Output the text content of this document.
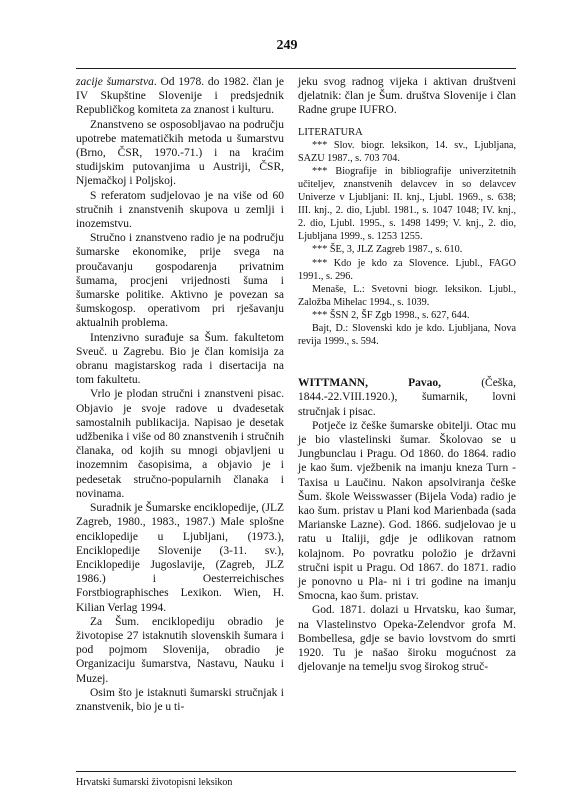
249

zacije šumarstva. Od 1978. do 1982. član je IV Skupštine Slovenije i predsjednik Republičkog komiteta za znanost i kulturu.

Znanstveno se osposobljavao na području upotrebe matematičkih metoda u šumarstvu (Brno, ČSR, 1970.-71.) i na kraćim studijskim putovanjima u Austriji, ČSR, Njemačkoj i Poljskoj.

S referatom sudjelovao je na više od 60 stručnih i znanstvenih skupova u zemlji i inozemstvu.

Stručno i znanstveno radio je na području šumarske ekonomike, prije svega na proučavanju gospodarenja privatnim šumama, procjeni vrijednosti šuma i šumarske politike. Aktivno je povezan sa šumskogosp. operativom pri rješavanju aktualnih problema.

Intenzivno surađuje sa Šum. fakultetom Sveuč. u Zagrebu. Bio je član komisija za obranu magistarskog rada i disertacija na tom fakultetu.

Vrlo je plodan stručni i znanstveni pisac. Objavio je svoje radove u dvadesetak samostalnih publikacija. Napisao je desetak udžbenika i više od 80 znanstvenih i stručnih članaka, od kojih su mnogi objavljeni u inozemnim časopisima, a objavio je i pedesetak stručno-popularnih članaka i novinama.

Suradnik je Šumarske enciklopedije, (JLZ Zagreb, 1980., 1983., 1987.) Male splošne enciklopedije u Ljubljani, (1973.), Enciklopedije Slovenije (3-11. sv.), Enciklopedije Jugoslavije, (Zagreb, JLZ 1986.) i Oesterreichisches Forstbiographisches Lexikon. Wien, H. Kilian Verlag 1994.

Za Šum. enciklopediju obradio je životopise 27 istaknutih slovenskih šumara i pod pojmom Slovenija, obradio je Organizaciju šumarstva, Nastavu, Nauku i Muzej.

Osim što je istaknuti šumarski stručnjak i znanstvenik, bio je u ti-

jeku svog radnog vijeka i aktivan društveni djelatnik: član je Šum. društva Slovenije i član Radne grupe IUFRO.

LITERATURA

*** Slov. biogr. leksikon, 14. sv., Ljubljana, SAZU 1987., s. 703 704.

*** Biografije in bibliografije univerzitetnih učiteljev, znanstvenih delavcev in so delavcev Univerze v Ljubljani: II. knj., Ljubl. 1969., s. 638; III. knj., 2. dio, Ljubl. 1981., s. 1047 1048; IV. knj., 2. dio, Ljubl. 1995., s. 1498 1499; V. knj., 2. dio, Ljubljana 1999., s. 1253 1255.

*** ŠE, 3, JLZ Zagreb 1987., s. 610.

*** Kdo je kdo za Slovence. Ljubl., FAGO 1991., s. 296.

Menaše, L.: Svetovni biogr. leksikon. Ljubl., Založba Mihelac 1994., s. 1039.

*** ŠSN 2, ŠF Zgb 1998., s. 627, 644.

Bajt, D.: Slovenski kdo je kdo. Ljubljana, Nova revija 1999., s. 594.

WITTMANN, Pavao, (Češka, 1844.-22.VIII.1920.), šumarnik, lovni stručnjak i pisac.

Potječe iz češke šumarske obitelji. Otac mu je bio vlastelinski šumar. Školovao se u Jungbunclau i Pragu. Od 1860. do 1864. radio je kao šum. vježbenik na imanju kneza Turn - Taxisa u Laučinu. Nakon apsolviranja češke Šum. škole Weisswasser (Bijela Voda) radio je kao šum. pristav u Plani kod Marienbada (sada Marianske Lazne). God. 1866. sudjelovao je u ratu u Italiji, gdje je odlikovan ratnom kolajnom. Po povratku položio je državni stručni ispit u Pragu. Od 1867. do 1871. radio je ponovno u Pla- ni i tri godine na imanju Smocna, kao šum. pristav.

God. 1871. dolazi u Hrvatsku, kao šumar, na Vlastelinstvo Opeka-Zelendvor grofa M. Bombellesa, gdje se bavio lovstvom do smrti 1920. Tu je našao široku mogućnost za djelovanje na temelju svog širokog struč-

Hrvatski šumarski životopisni leksikon
